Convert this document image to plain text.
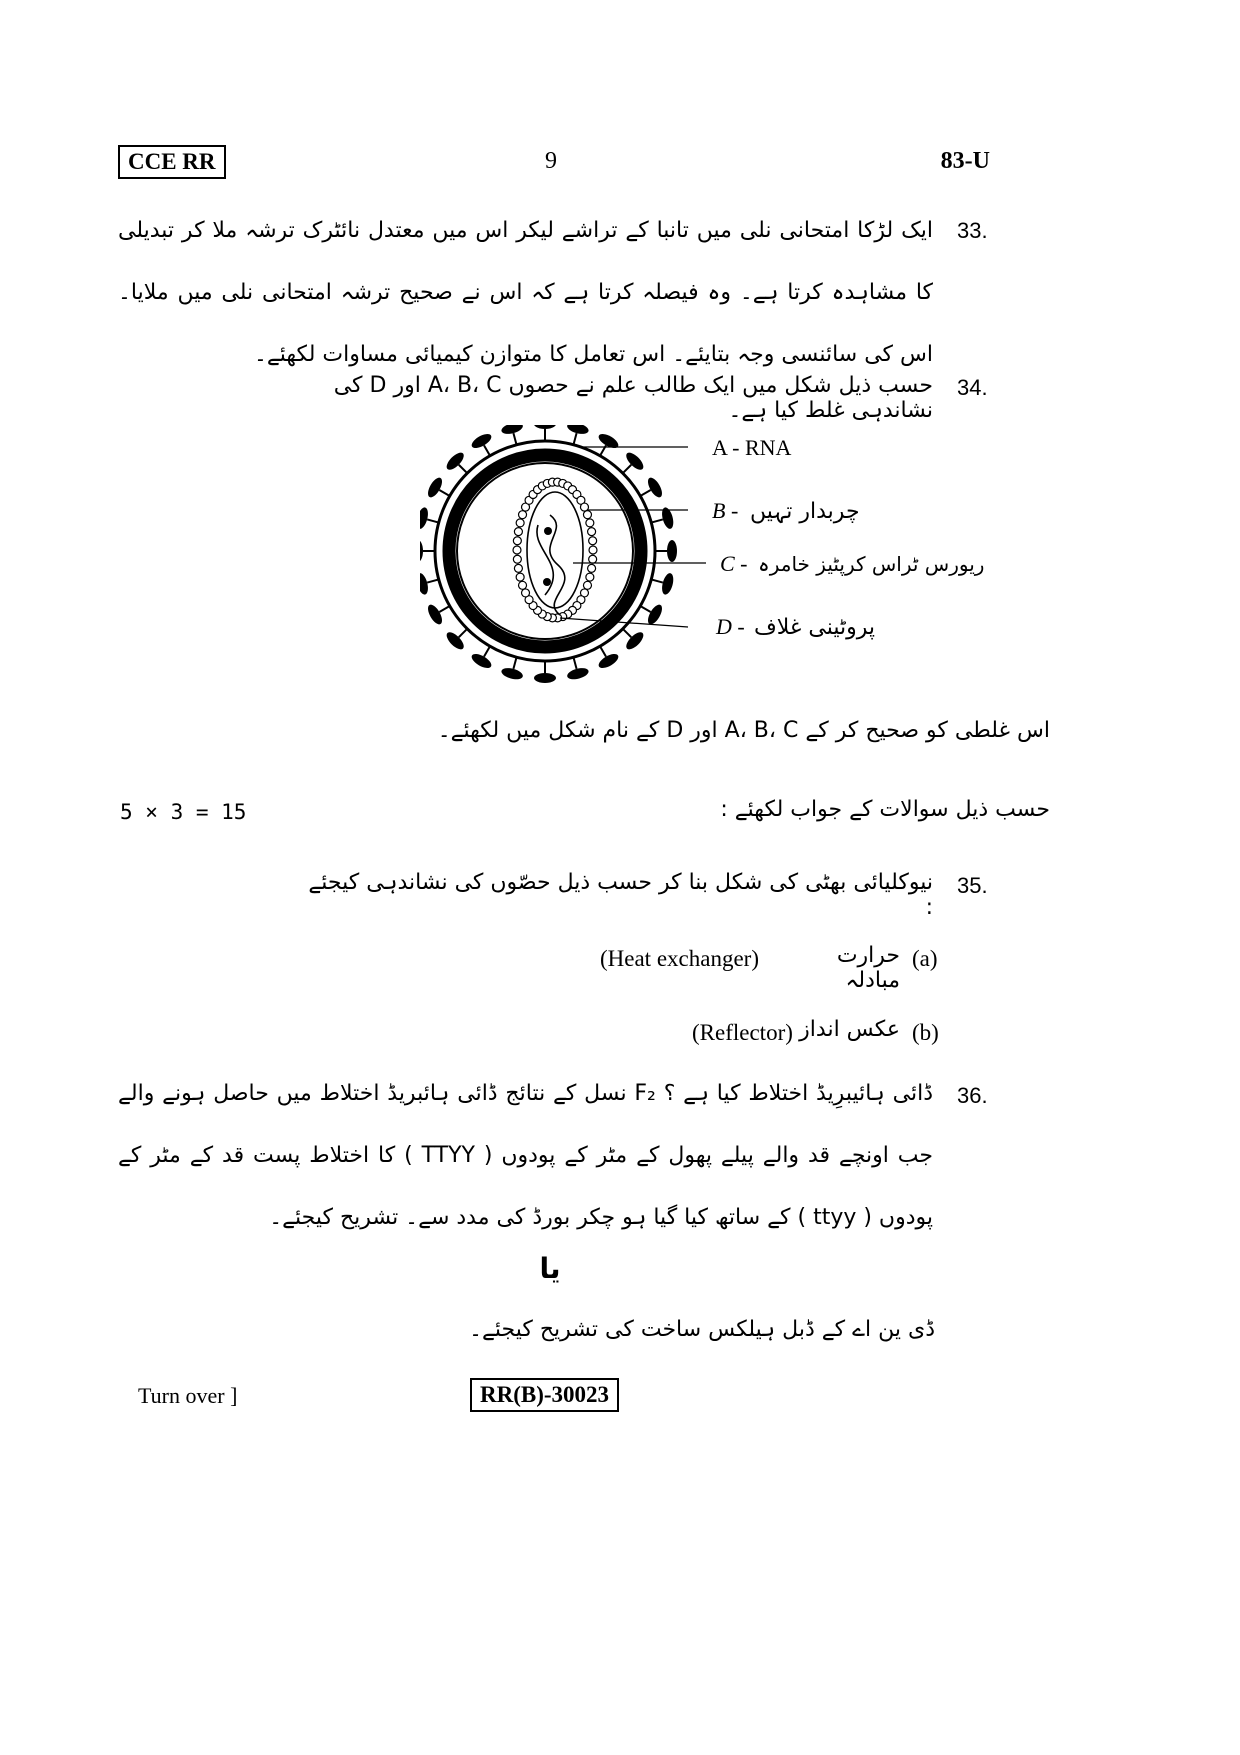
CCE RR	9	83-U
33.
ایک لڑکا امتحانی نلی میں تانبا کے تراشے لیکر اس میں معتدل نائٹرک ترشہ ملا کر تبدیلی کا مشاہدہ کرتا ہے۔ وہ فیصلہ کرتا ہے کہ اس نے صحیح ترشہ امتحانی نلی میں ملایا۔ اس کی سائنسی وجہ بتایئے۔ اس تعامل کا متوازن کیمیائی مساوات لکھئے۔
34.
حسب ذیل شکل میں ایک طالب علم نے حصوں A، B، C اور D کی نشاندہی غلط کیا ہے۔
A - RNA
B - چربدار تہیں
C - ریورس ٹراس کرپٹیز خامرہ
D - پروٹینی غلاف
اس غلطی کو صحیح کر کے A، B، C اور D کے نام شکل میں لکھئے۔
5 × 3 = 15	حسب ذیل سوالات کے جواب لکھئے :
35.
نیوکلیائی بھٹی کی شکل بنا کر حسب ذیل حصّوں کی نشاندہی کیجئے :
(a)
حرارت مبادلہ
(Heat exchanger)
(b)
عکس انداز
(Reflector)
36.
ڈائی ہائیبرِیڈ اختلاط کیا ہے ؟ F₂ نسل کے نتائج ڈائی ہائبریڈ اختلاط میں حاصل ہونے والے جب اونچے قد والے پیلے پھول کے مٹر کے پودوں ( TTYY ) کا اختلاط پست قد کے مٹر کے پودوں ( ttyy ) کے ساتھ کیا گیا ہو چکر بورڈ کی مدد سے۔ تشریح کیجئے۔
یا
ڈی ین اے کے ڈبل ہیلکس ساخت کی تشریح کیجئے۔
Turn over ]	RR(B)-30023
